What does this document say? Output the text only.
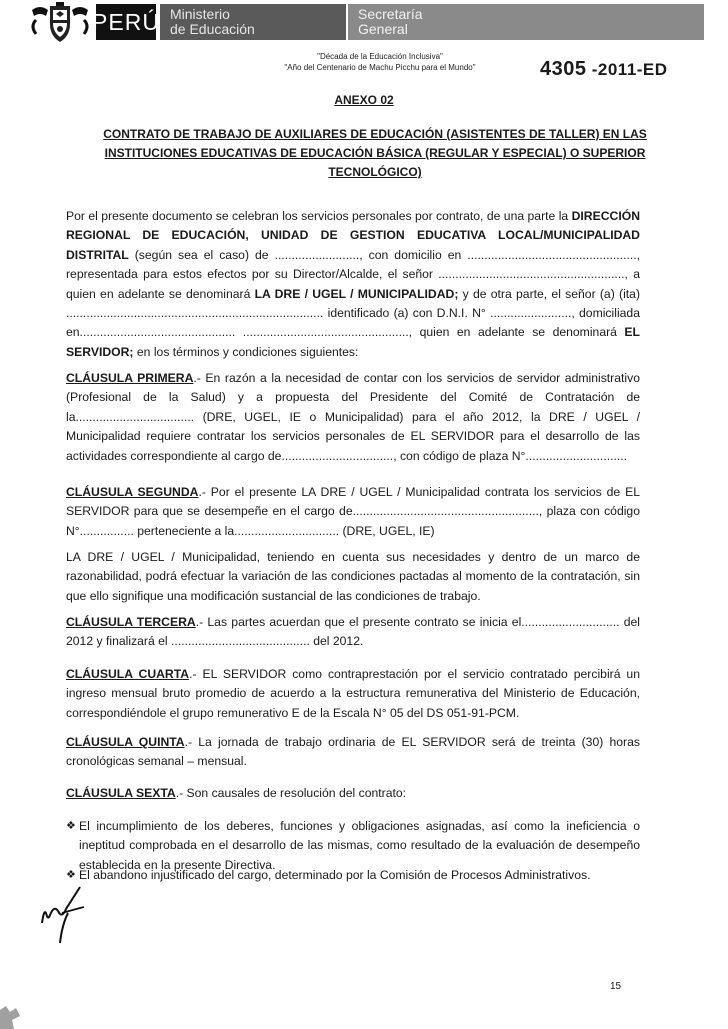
PERÚ Ministerio
de Educación
Secretaría
General
"Década de la Educación Inclusiva"
"Año del Centenario de Machu Picchu para el Mundo"	4305 -2011-ED
ANEXO 02
CONTRATO DE TRABAJO DE AUXILIARES DE EDUCACIÓN (ASISTENTES DE TALLER) EN LAS INSTITUCIONES EDUCATIVAS DE EDUCACIÓN BÁSICA (REGULAR Y ESPECIAL) O SUPERIOR TECNOLÓGICO)
Por el presente documento se celebran los servicios personales por contrato, de una parte la DIRECCIÓN REGIONAL DE EDUCACIÓN, UNIDAD DE GESTION EDUCATIVA LOCAL/MUNICIPALIDAD DISTRITAL (según sea el caso) de ........................., con domicilio en .................................................., representada para estos efectos por su Director/Alcalde, el señor ......................................................., a quien en adelante se denominará LA DRE / UGEL / MUNICIPALIDAD; y de otra parte, el señor (a) (ita) ............................................................................ identificado (a) con D.N.I. N° ........................, domiciliada en.............................................. ................................................., quien en adelante se denominará EL SERVIDOR; en los términos y condiciones siguientes:
CLÁUSULA PRIMERA.- En razón a la necesidad de contar con los servicios de servidor administrativo (Profesional de la Salud) y a propuesta del Presidente del Comité de Contratación de la................................... (DRE, UGEL, IE o Municipalidad) para el año 2012, la DRE / UGEL / Municipalidad requiere contratar los servicios personales de EL SERVIDOR para el desarrollo de las actividades correspondiente al cargo de................................., con código de plaza N°..............................
CLÁUSULA SEGUNDA.- Por el presente LA DRE / UGEL / Municipalidad contrata los servicios de EL SERVIDOR para que se desempeñe en el cargo de......................................................., plaza con código N°................ perteneciente a la............................... (DRE, UGEL, IE)
LA DRE / UGEL / Municipalidad, teniendo en cuenta sus necesidades y dentro de un marco de razonabilidad, podrá efectuar la variación de las condiciones pactadas al momento de la contratación, sin que ello signifique una modificación sustancial de las condiciones de trabajo.
CLÁUSULA TERCERA.- Las partes acuerdan que el presente contrato se inicia el............................. del 2012 y finalizará el ......................................... del 2012.
CLÁUSULA CUARTA.- EL SERVIDOR como contraprestación por el servicio contratado percibirá un ingreso mensual bruto promedio de acuerdo a la estructura remunerativa del Ministerio de Educación, correspondiéndole el grupo remunerativo E de la Escala N° 05 del DS 051-91-PCM.
CLÁUSULA QUINTA.- La jornada de trabajo ordinaria de EL SERVIDOR será de treinta (30) horas cronológicas semanal – mensual.
CLÁUSULA SEXTA.- Son causales de resolución del contrato:
❖ El incumplimiento de los deberes, funciones y obligaciones asignadas, así como la ineficiencia o ineptitud comprobada en el desarrollo de las mismas, como resultado de la evaluación de desempeño establecida en la presente Directiva.
❖ El abandono injustificado del cargo, determinado por la Comisión de Procesos Administrativos.
15
